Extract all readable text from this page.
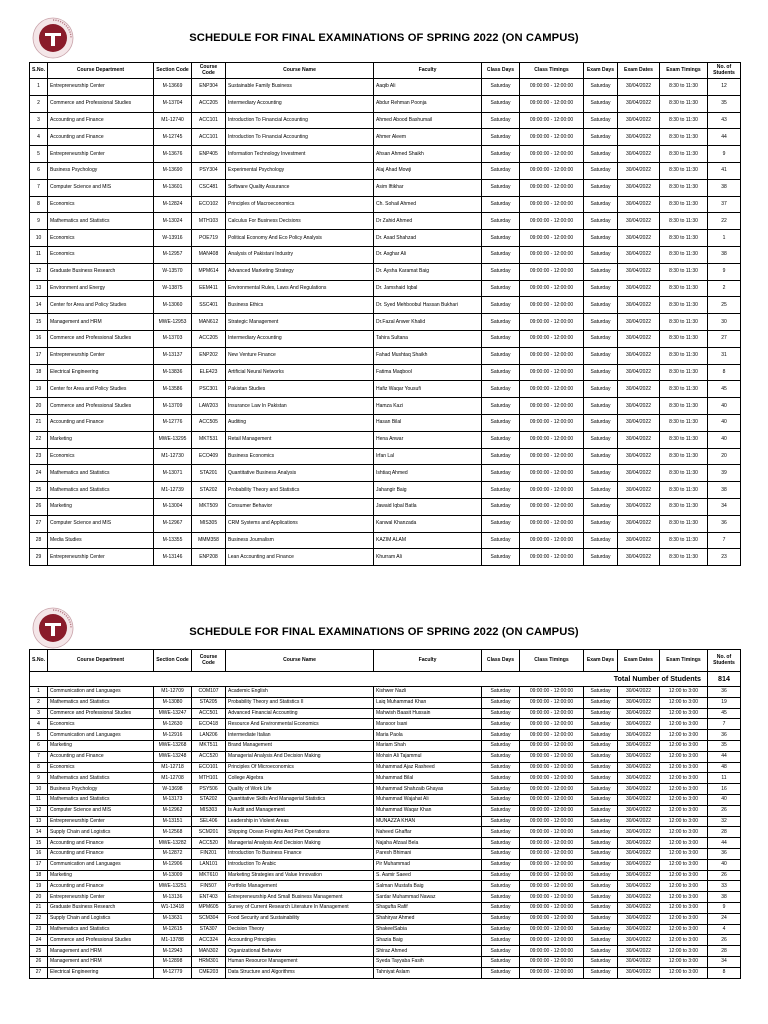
SCHEDULE FOR FINAL EXAMINATIONS OF SPRING 2022 (ON CAMPUS)
S.No.	Course Department	Section Code	Course Code	Course Name	Faculty	Class Days	Class Timings	Exam Days	Exam Dates	Exam Timings	No. of Students
1	Entrepreneurship Center	M-13669	ENP304	Sustainable Family Business	Aaqib Ali	Saturday	09:00:00 - 12:00:00	Saturday	30/04/2022	8:30 to 11:30	12
2	Commerce and Professional Studies	M-13704	ACC205	Intermediary Accounting	Abdur Rehman Poonja	Saturday	09:00:00 - 12:00:00	Saturday	30/04/2022	8:30 to 11:30	35
3	Accounting and Finance	M1-12740	ACC101	Introduction To Financial Accounting	Ahmed Abood Bashumail	Saturday	09:00:00 - 12:00:00	Saturday	30/04/2022	8:30 to 11:30	43
4	Accounting and Finance	M-12745	ACC101	Introduction To Financial Accounting	Ahmer Aleem	Saturday	09:00:00 - 12:00:00	Saturday	30/04/2022	8:30 to 11:30	44
5	Entrepreneurship Center	M-13676	ENP405	Information Technology Investment	Ahsan Ahmed Shaikh	Saturday	09:00:00 - 12:00:00	Saturday	30/04/2022	8:30 to 11:30	9
6	Business Psychology	M-13690	PSY304	Experimental Psychology	Alaj Ahad Mowji	Saturday	09:00:00 - 12:00:00	Saturday	30/04/2022	8:30 to 11:30	41
7	Computer Science and MIS	M-13601	CSC481	Software Quality Assurance	Asim Iftikhar	Saturday	09:00:00 - 12:00:00	Saturday	30/04/2022	8:30 to 11:30	38
8	Economics	M-12824	ECO102	Principles of Macroeconomics	Ch. Sohail Ahmed	Saturday	09:00:00 - 12:00:00	Saturday	30/04/2022	8:30 to 11:30	37
9	Mathematics and Statistics	M-13024	MTH103	Calculus For Business Decisions	Dr Zahid Ahmed	Saturday	09:00:00 - 12:00:00	Saturday	30/04/2022	8:30 to 11:30	22
10	Economics	W-13916	POE719	Political Economy And Eco Policy Analysis	Dr. Asad Shahzad	Saturday	09:00:00 - 12:00:00	Saturday	30/04/2022	8:30 to 11:30	1
11	Economics	M-12957	MAN408	Analysis of Pakistani Industry	Dr. Asghar Ali	Saturday	09:00:00 - 12:00:00	Saturday	30/04/2022	8:30 to 11:30	38
12	Graduate Business Research	W-13570	MPM614	Advanced Marketing Strategy	Dr. Aysha Karamat Baig	Saturday	09:00:00 - 12:00:00	Saturday	30/04/2022	8:30 to 11:30	9
13	Environment and Energy	W-13875	EEM411	Environmental Rules, Laws And Regulations	Dr. Jamshaid Iqbal	Saturday	09:00:00 - 12:00:00	Saturday	30/04/2022	8:30 to 11:30	2
14	Center for Area and Policy Studies	M-13060	SSC401	Business Ethics	Dr. Syed Mehboobul Hassan Bukhari	Saturday	09:00:00 - 12:00:00	Saturday	30/04/2022	8:30 to 11:30	25
15	Management and HRM	MWE-12953	MAN612	Strategic Management	Dr.Fazal Anwer Khalid	Saturday	09:00:00 - 12:00:00	Saturday	30/04/2022	8:30 to 11:30	30
16	Commerce and Professional Studies	M-13703	ACC205	Intermediary Accounting	Tahira Sultana	Saturday	09:00:00 - 12:00:00	Saturday	30/04/2022	8:30 to 11:30	27
17	Entrepreneurship Center	M-13137	ENP202	New Venture Finance	Fahad Mushtaq Shaikh	Saturday	09:00:00 - 12:00:00	Saturday	30/04/2022	8:30 to 11:30	31
18	Electrical Engineering	M-13836	ELE423	Artificial Neural Networks	Fatima Maqbool	Saturday	09:00:00 - 12:00:00	Saturday	30/04/2022	8:30 to 11:30	8
19	Center for Area and Policy Studies	M-13586	PSC301	Pakistan Studies	Hafiz Waqar Yousufi	Saturday	09:00:00 - 12:00:00	Saturday	30/04/2022	8:30 to 11:30	45
20	Commerce and Professional Studies	M-13709	LAW203	Insurance Law In Pakistan	Hamza Kazi	Saturday	09:00:00 - 12:00:00	Saturday	30/04/2022	8:30 to 11:30	40
21	Accounting and Finance	M-12776	ACC505	Auditing	Hasan Bilal	Saturday	09:00:00 - 12:00:00	Saturday	30/04/2022	8:30 to 11:30	40
22	Marketing	MWE-13295	MKT531	Retail Management	Hena Anwar	Saturday	09:00:00 - 12:00:00	Saturday	30/04/2022	8:30 to 11:30	40
23	Economics	M1-12730	ECO409	Business Economics	Irfan Lal	Saturday	09:00:00 - 12:00:00	Saturday	30/04/2022	8:30 to 11:30	20
24	Mathematics and Statistics	M-13071	STA201	Quantitative Business Analysis	Ishtiaq Ahmed	Saturday	09:00:00 - 12:00:00	Saturday	30/04/2022	8:30 to 11:30	39
25	Mathematics and Statistics	M1-12739	STA202	Probability Theory and Statistics	Jahangir Baig	Saturday	09:00:00 - 12:00:00	Saturday	30/04/2022	8:30 to 11:30	38
26	Marketing	M-13004	MKT509	Consumer Behavior	Jawaid Iqbal Batla	Saturday	09:00:00 - 12:00:00	Saturday	30/04/2022	8:30 to 11:30	34
27	Computer Science and MIS	M-12967	MIS305	CRM Systems and Applications	Kanwal Khanzada	Saturday	09:00:00 - 12:00:00	Saturday	30/04/2022	8:30 to 11:30	36
28	Media Studies	M-13355	MMM358	Business Journalism	KAZIM ALAM	Saturday	09:00:00 - 12:00:00	Saturday	30/04/2022	8:30 to 11:30	7
29	Entrepreneurship Center	M-13146	ENP208	Lean Accounting and Finance	Khurram Ali	Saturday	09:00:00 - 12:00:00	Saturday	30/04/2022	8:30 to 11:30	23
SCHEDULE FOR FINAL EXAMINATIONS OF SPRING 2022 (ON CAMPUS)
S.No.	Course Department	Section Code	Course Code	Course Name	Faculty	Class Days	Class Timings	Exam Days	Exam Dates	Exam Timings	No. of Students
Total Number of Students											814
1	Communication and Languages	M1-12709	COM107	Academic English	Kishwer Nazli	Saturday	09:00:00 - 12:00:00	Saturday	30/04/2022	12:00 to 3:00	36
2	Mathematics and Statistics	M-13080	STA205	Probability Theory and Statistics II	Laiq Muhammad Khan	Saturday	09:00:00 - 12:00:00	Saturday	30/04/2022	12:00 to 3:00	19
3	Commerce and Professional Studies	MWE-13247	ACC501	Advanced Financial Accounting	Mahwish Baasit Hussain	Saturday	09:00:00 - 12:00:00	Saturday	30/04/2022	12:00 to 3:00	45
4	Economics	M-12630	ECO418	Resource And Environmental Economics	Mansoor Isani	Saturday	09:00:00 - 12:00:00	Saturday	30/04/2022	12:00 to 3:00	7
5	Communication and Languages	M-12916	LAN206	Intermediate Italian	Maria Paola	Saturday	09:00:00 - 12:00:00	Saturday	30/04/2022	12:00 to 3:00	36
6	Marketing	MWE-13268	MKT511	Brand Management	Mariam Shah	Saturday	09:00:00 - 12:00:00	Saturday	30/04/2022	12:00 to 3:00	35
7	Accounting and Finance	MWE-13248	ACC520	Managerial Analysis And Decision Making	Mohsin Ali Tajammul	Saturday	09:00:00 - 12:00:00	Saturday	30/04/2022	12:00 to 3:00	44
8	Economics	M1-12718	ECO101	Principles Of Microeconomics	Muhammad Ajaz Rasheed	Saturday	09:00:00 - 12:00:00	Saturday	30/04/2022	12:00 to 3:00	48
9	Mathematics and Statistics	M1-12708	MTH101	College Algebra	Muhammad Bilal	Saturday	09:00:00 - 12:00:00	Saturday	30/04/2022	12:00 to 3:00	11
10	Business Psychology	W-13698	PSY506	Quality of Work Life	Muhammad Shahzaib Ghayas	Saturday	09:00:00 - 12:00:00	Saturday	30/04/2022	12:00 to 3:00	16
11	Mathematics and Statistics	M-13173	STA202	Quantitative Skills And Managerial Statistics	Muhammad Wajahat Ali	Saturday	09:00:00 - 12:00:00	Saturday	30/04/2022	12:00 to 3:00	40
12	Computer Science and MIS	M-12962	MIS303	Is Audit and Management	Muhammad Waqar Khan	Saturday	09:00:00 - 12:00:00	Saturday	30/04/2022	12:00 to 3:00	26
13	Entrepreneurship Center	M-13151	SEL406	Leadership in Violent Areas	MUNAZZA KHAN	Saturday	09:00:00 - 12:00:00	Saturday	30/04/2022	12:00 to 3:00	32
14	Supply Chain and Logistics	M-12568	SCM201	Shipping Ocean Freights And Port Operations	Naheed Ghaffar	Saturday	09:00:00 - 12:00:00	Saturday	30/04/2022	12:00 to 3:00	28
15	Accounting and Finance	MWE-13282	ACC520	Managerial Analysis And Decision Making	Najaha Afzaal Bela	Saturday	09:00:00 - 12:00:00	Saturday	30/04/2022	12:00 to 3:00	44
16	Accounting and Finance	M-12872	FIN201	Introduction To Business Finance	Paresh Bhimani	Saturday	09:00:00 - 12:00:00	Saturday	30/04/2022	12:00 to 3:00	36
17	Communication and Languages	M-12906	LAN101	Introduction To Arabic	Pir Muhammad	Saturday	09:00:00 - 12:00:00	Saturday	30/04/2022	12:00 to 3:00	40
18	Marketing	M-13009	MKT610	Marketing Strategies and Value Innovation	S. Aamir Saeed	Saturday	09:00:00 - 12:00:00	Saturday	30/04/2022	12:00 to 3:00	26
19	Accounting and Finance	MWE-13251	FIN507	Portfolio Management	Salman Mustafa Baig	Saturday	09:00:00 - 12:00:00	Saturday	30/04/2022	12:00 to 3:00	33
20	Entrepreneurship Center	M-13136	ENT403	Entrepreneurship And Small Business Management	Sardar Muhammad Nawaz	Saturday	09:00:00 - 12:00:00	Saturday	30/04/2022	12:00 to 3:00	38
21	Graduate Business Research	W1-13418	MPM605	Survey of Current Research Literature In Management	Shagufta Rafif	Saturday	09:00:00 - 12:00:00	Saturday	30/04/2022	12:00 to 3:00	9
22	Supply Chain and Logistics	M-13631	SCM304	Food Security and Sustainability	Shahiryar Ahmed	Saturday	09:00:00 - 12:00:00	Saturday	30/04/2022	12:00 to 3:00	24
23	Mathematics and Statistics	M-12615	STA307	Decision Theory	ShakeelSabia	Saturday	09:00:00 - 12:00:00	Saturday	30/04/2022	12:00 to 3:00	4
24	Commerce and Professional Studies	M1-13788	ACC324	Accounting Principles	Shazia Baig	Saturday	09:00:00 - 12:00:00	Saturday	30/04/2022	12:00 to 3:00	26
25	Management and HRM	M-12943	MAN302	Organizational Behavior	Shiraz Ahmed	Saturday	09:00:00 - 12:00:00	Saturday	30/04/2022	12:00 to 3:00	28
26	Management and HRM	M-12898	HRM301	Human Resource Management	Syeda Tayyaba Fasih	Saturday	09:00:00 - 12:00:00	Saturday	30/04/2022	12:00 to 3:00	34
27	Electrical Engineering	M-12779	CME203	Data Structure and Algorithms	Tahniyat Aslam	Saturday	09:00:00 - 12:00:00	Saturday	30/04/2022	12:00 to 3:00	8
